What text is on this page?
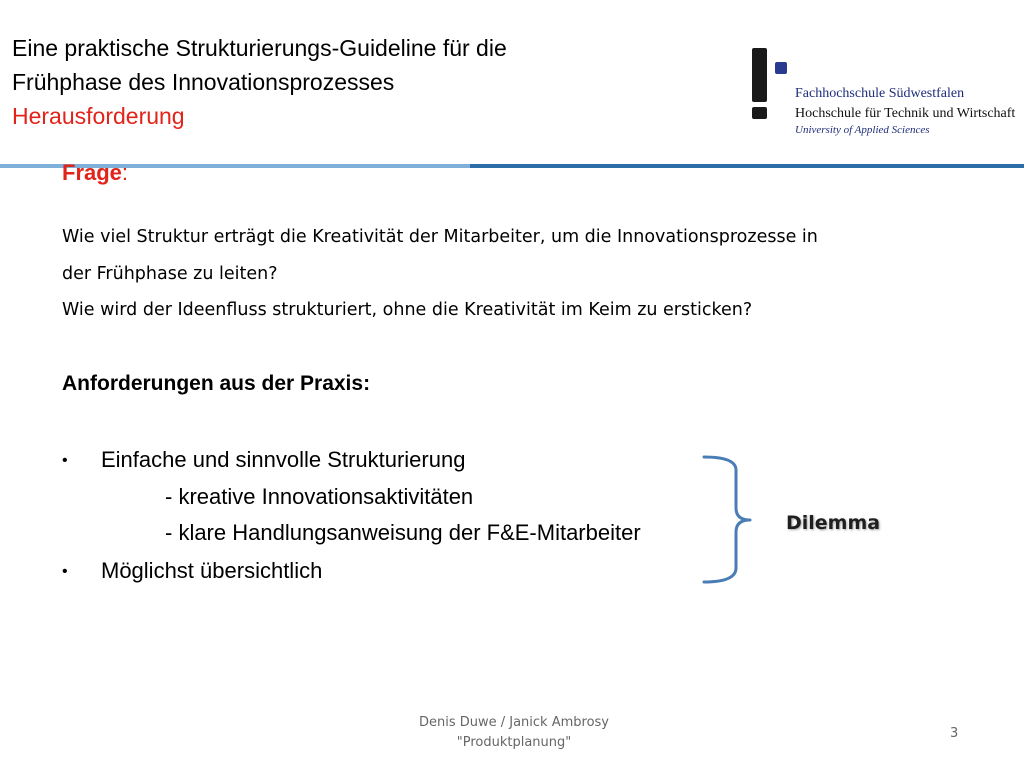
Eine praktische Strukturierungs-Guideline für die
Frühphase des Innovationsprozesses
Herausforderung
Fachhochschule Südwestfalen
Hochschule für Technik und Wirtschaft
University of Applied Sciences
Frage:
Wie viel Struktur erträgt die Kreativität der Mitarbeiter, um die Innovationsprozesse in
der Frühphase zu leiten?
Wie wird der Ideenfluss strukturiert, ohne die Kreativität im Keim zu ersticken?
Anforderungen aus der Praxis:
• Einfache und sinnvolle Strukturierung
- kreative Innovationsaktivitäten
- klare Handlungsanweisung der F&E-Mitarbeiter
• Möglichst übersichtlich
Dilemma
Denis Duwe / Janick Ambrosy
"Produktplanung"
3
